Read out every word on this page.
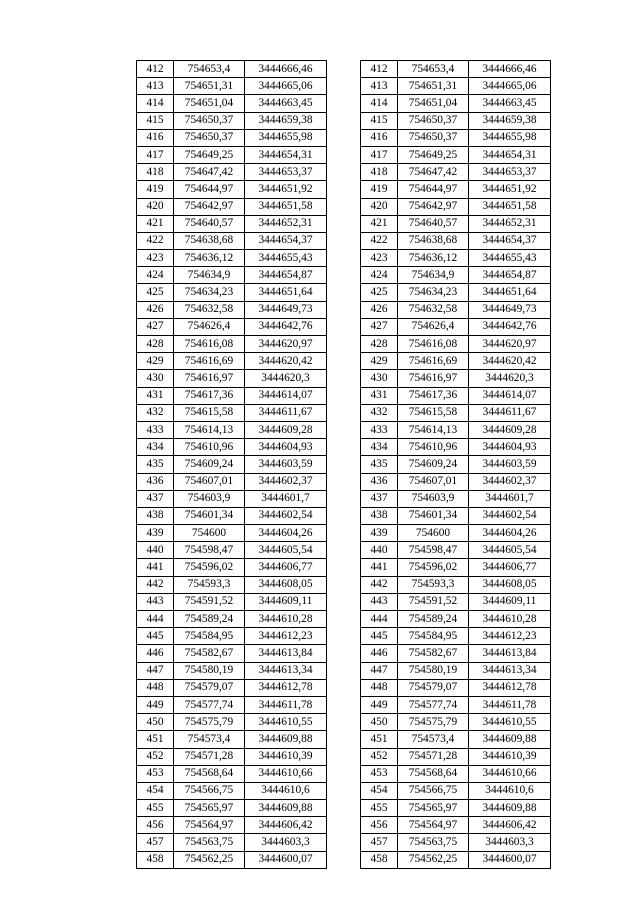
412	754653,4	3444666,46		412	754653,4	3444666,46
413	754651,31	3444665,06		413	754651,31	3444665,06
414	754651,04	3444663,45		414	754651,04	3444663,45
415	754650,37	3444659,38		415	754650,37	3444659,38
416	754650,37	3444655,98		416	754650,37	3444655,98
417	754649,25	3444654,31		417	754649,25	3444654,31
418	754647,42	3444653,37		418	754647,42	3444653,37
419	754644,97	3444651,92		419	754644,97	3444651,92
420	754642,97	3444651,58		420	754642,97	3444651,58
421	754640,57	3444652,31		421	754640,57	3444652,31
422	754638,68	3444654,37		422	754638,68	3444654,37
423	754636,12	3444655,43		423	754636,12	3444655,43
424	754634,9	3444654,87		424	754634,9	3444654,87
425	754634,23	3444651,64		425	754634,23	3444651,64
426	754632,58	3444649,73		426	754632,58	3444649,73
427	754626,4	3444642,76		427	754626,4	3444642,76
428	754616,08	3444620,97		428	754616,08	3444620,97
429	754616,69	3444620,42		429	754616,69	3444620,42
430	754616,97	3444620,3		430	754616,97	3444620,3
431	754617,36	3444614,07		431	754617,36	3444614,07
432	754615,58	3444611,67		432	754615,58	3444611,67
433	754614,13	3444609,28		433	754614,13	3444609,28
434	754610,96	3444604,93		434	754610,96	3444604,93
435	754609,24	3444603,59		435	754609,24	3444603,59
436	754607,01	3444602,37		436	754607,01	3444602,37
437	754603,9	3444601,7		437	754603,9	3444601,7
438	754601,34	3444602,54		438	754601,34	3444602,54
439	754600	3444604,26		439	754600	3444604,26
440	754598,47	3444605,54		440	754598,47	3444605,54
441	754596,02	3444606,77		441	754596,02	3444606,77
442	754593,3	3444608,05		442	754593,3	3444608,05
443	754591,52	3444609,11		443	754591,52	3444609,11
444	754589,24	3444610,28		444	754589,24	3444610,28
445	754584,95	3444612,23		445	754584,95	3444612,23
446	754582,67	3444613,84		446	754582,67	3444613,84
447	754580,19	3444613,34		447	754580,19	3444613,34
448	754579,07	3444612,78		448	754579,07	3444612,78
449	754577,74	3444611,78		449	754577,74	3444611,78
450	754575,79	3444610,55		450	754575,79	3444610,55
451	754573,4	3444609,88		451	754573,4	3444609,88
452	754571,28	3444610,39		452	754571,28	3444610,39
453	754568,64	3444610,66		453	754568,64	3444610,66
454	754566,75	3444610,6		454	754566,75	3444610,6
455	754565,97	3444609,88		455	754565,97	3444609,88
456	754564,97	3444606,42		456	754564,97	3444606,42
457	754563,75	3444603,3		457	754563,75	3444603,3
458	754562,25	3444600,07		458	754562,25	3444600,07
